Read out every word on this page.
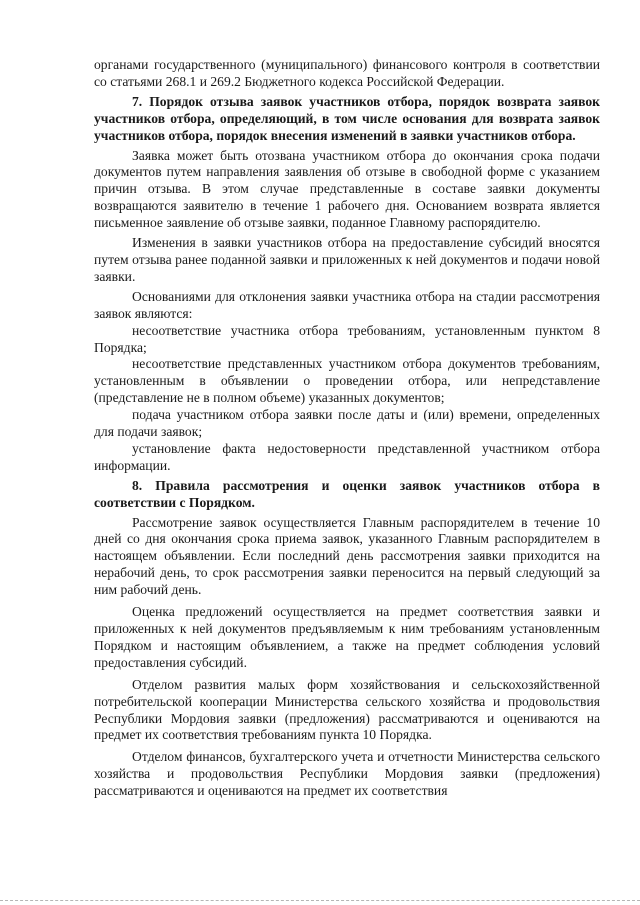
органами государственного (муниципального) финансового контроля в соответствии со статьями 268.1 и 269.2 Бюджетного кодекса Российской Федерации.

7. Порядок отзыва заявок участников отбора, порядок возврата заявок участников отбора, определяющий, в том числе основания для возврата заявок участников отбора, порядок внесения изменений в заявки участников отбора.

Заявка может быть отозвана участником отбора до окончания срока подачи документов путем направления заявления об отзыве в свободной форме с указанием причин отзыва. В этом случае представленные в составе заявки документы возвращаются заявителю в течение 1 рабочего дня. Основанием возврата является письменное заявление об отзыве заявки, поданное Главному распорядителю.

Изменения в заявки участников отбора на предоставление субсидий вносятся путем отзыва ранее поданной заявки и приложенных к ней документов и подачи новой заявки.

Основаниями для отклонения заявки участника отбора на стадии рассмотрения заявок являются:

несоответствие участника отбора требованиям, установленным пунктом 8 Порядка;

несоответствие представленных участником отбора документов требованиям, установленным в объявлении о проведении отбора, или непредставление (представление не в полном объеме) указанных документов;

подача участником отбора заявки после даты и (или) времени, определенных для подачи заявок;

установление факта недостоверности представленной участником отбора информации.

8. Правила рассмотрения и оценки заявок участников отбора в соответствии с Порядком.

Рассмотрение заявок осуществляется Главным распорядителем в течение 10 дней со дня окончания срока приема заявок, указанного Главным распорядителем в настоящем объявлении. Если последний день рассмотрения заявки приходится на нерабочий день, то срок рассмотрения заявки переносится на первый следующий за ним рабочий день.

Оценка предложений осуществляется на предмет соответствия заявки и приложенных к ней документов предъявляемым к ним требованиям установленным Порядком и настоящим объявлением, а также на предмет соблюдения условий предоставления субсидий.

Отделом развития малых форм хозяйствования и сельскохозяйственной потребительской кооперации Министерства сельского хозяйства и продовольствия Республики Мордовия заявки (предложения) рассматриваются и оцениваются на предмет их соответствия требованиям пункта 10 Порядка.

Отделом финансов, бухгалтерского учета и отчетности Министерства сельского хозяйства и продовольствия Республики Мордовия заявки (предложения) рассматриваются и оцениваются на предмет их соответствия
